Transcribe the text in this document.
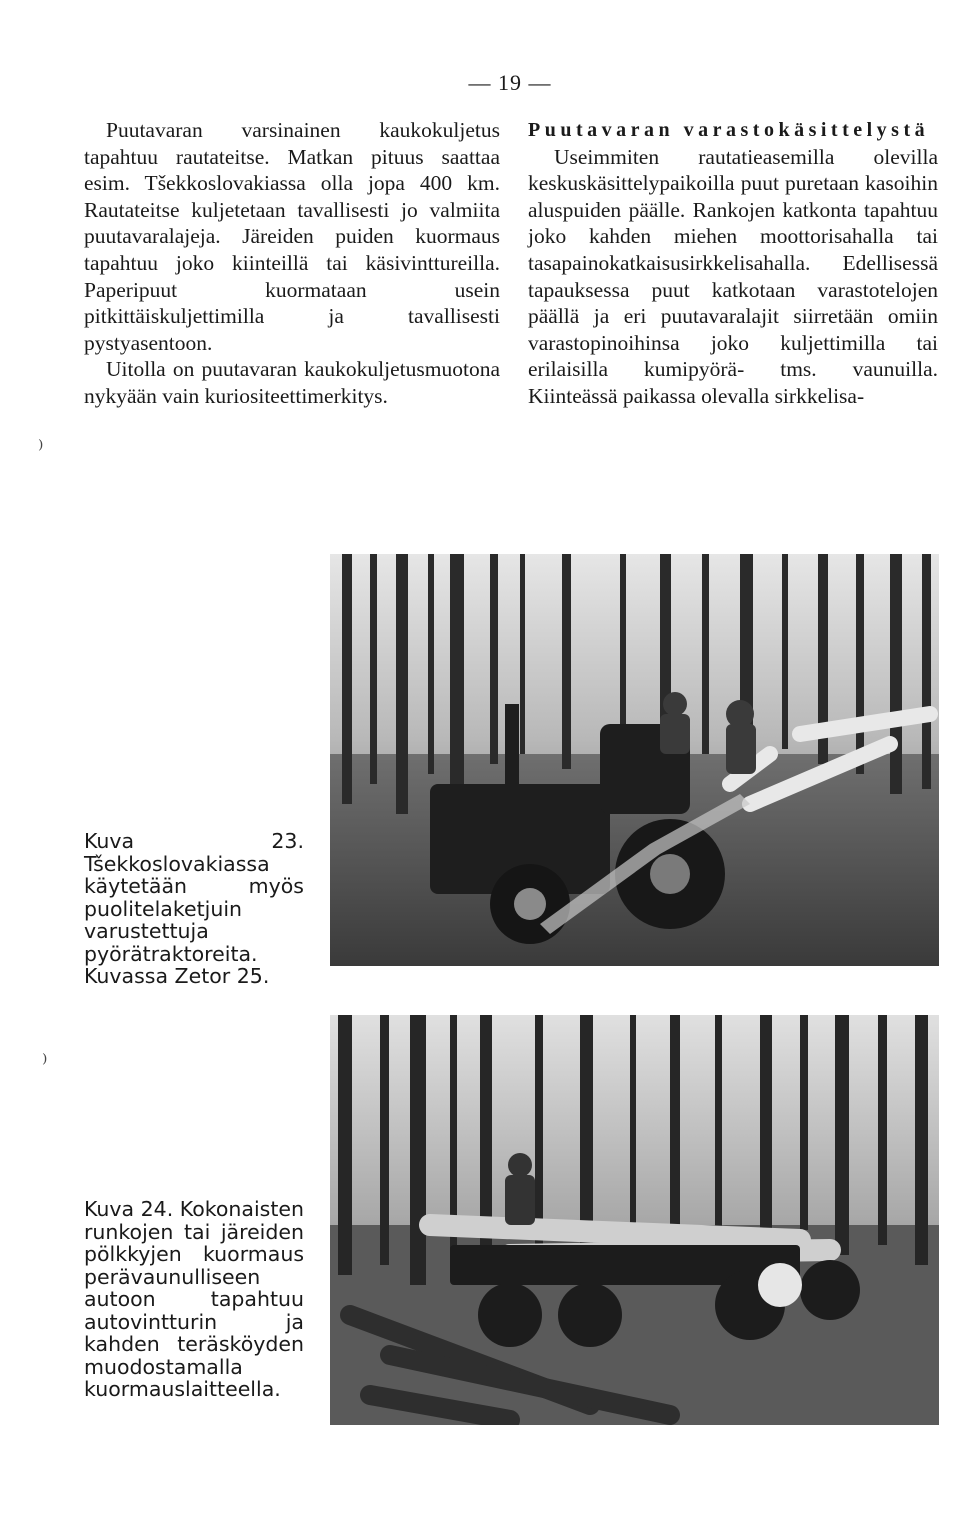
— 19 —

Puutavaran varsinainen kaukokuljetus tapahtuu rautateitse. Matkan pituus saattaa esim. Tšekkoslovakiassa olla jopa 400 km. Rautateitse kuljetetaan tavallisesti jo valmiita puutavaralajeja. Järeiden puiden kuormaus tapahtuu joko kiinteillä tai käsivinttureilla. Paperipuut kuormataan usein pitkittäiskuljettimilla ja tavallisesti pystyasentoon.

Uitolla on puutavaran kaukokuljetusmuotona nykyään vain kuriositeettimerkitys.

⁾
Puutavaran varastokäsittelystä

Useimmiten rautatieasemilla olevilla keskuskäsittelypaikoilla puut puretaan kasoihin aluspuiden päälle. Rankojen katkonta tapahtuu joko kahden miehen moottorisahalla tai tasapainokatkaisusirkkelisahalla. Edellisessä tapauksessa puut katkotaan varastotelojen päällä ja eri puutavaralajit siirretään omiin varastopinoihinsa joko kuljettimilla tai erilaisilla kumipyörä- tms. vaunuilla. Kiinteässä paikassa olevalla sirkkelisa-

Kuva 23. Tšekkoslovakiassa käytetään myös puolitelaketjuin varustettuja pyörätraktoreita. Kuvassa Zetor 25.
⁾
Kuva 24. Kokonaisten runkojen tai järeiden pölkkyjen kuormaus perävaunulliseen autoon tapahtuu autovintturin ja kahden teräsköyden muodostamalla kuormauslaitteella.
